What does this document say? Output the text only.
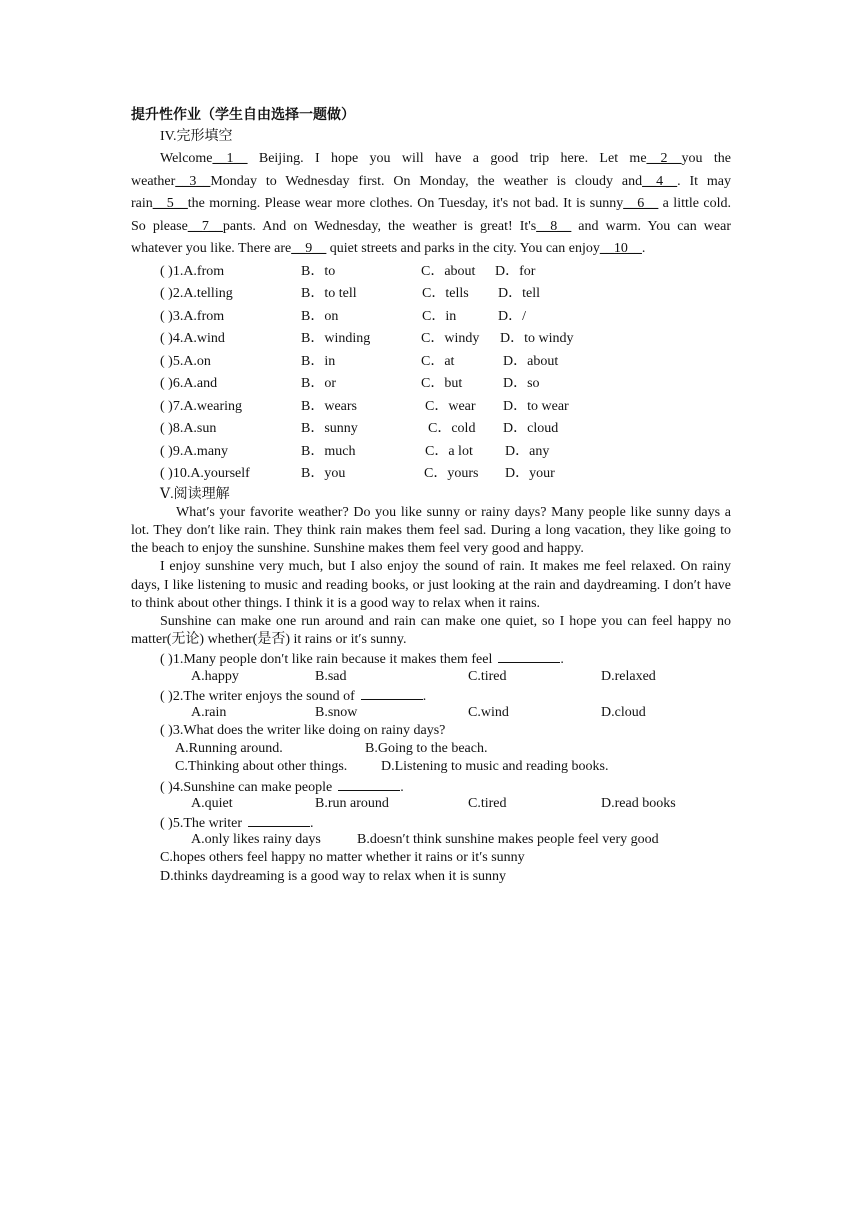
提升性作业（学生自由选择一题做）
IV.完形填空
Welcome__1__ Beijing. I hope you will have a good trip here. Let me__2__you the weather__3__Monday to Wednesday first. On Monday, the weather is cloudy and__4__. It may rain__5__the morning. Please wear more clothes. On Tuesday, it's not bad. It is sunny__6__ a little cold. So please__7__pants. And on Wednesday, the weather is great! It's__8__ and warm. You can wear whatever you like. There are__9__ quiet streets and parks in the city. You can enjoy__10__.
( )1.A.from	B．to	C．about D．for
( )2.A.telling	B．to tell	C．tells D．tell
( )3.A.from	B．on	C．in	D．/
( )4.A.wind	B．winding	C．windy D．to windy
( )5.A.on	B．in	C．at	D．about
( )6.A.and	B．or	C．but	D．so
( )7.A.wearing	B．wears	C．wear D．to wear
( )8.A.sun	B．sunny	C．cold D．cloud
( )9.A.many	B．much	C．a lot D．any
( )10.A.yourself	B．you	C．yours D．your
Ⅴ.阅读理解
What′s your favorite weather? Do you like sunny or rainy days? Many people like sunny days a lot. They don′t like rain. They think rain makes them feel sad. During a long vacation, they like going to the beach to enjoy the sunshine. Sunshine makes them feel very good and happy.
I enjoy sunshine very much, but I also enjoy the sound of rain. It makes me feel relaxed. On rainy days, I like listening to music and reading books, or just looking at the rain and daydreaming. I don′t have to think about other things. I think it is a good way to relax when it rains.
Sunshine can make one run around and rain can make one quiet, so I hope you can feel happy no matter(无论) whether(是否) it rains or it′s sunny.
( )1.Many people don′t like rain because it makes them feel	.
A.happy	B.sad	C.tired	D.relaxed
( )2.The writer enjoys the sound of	.
A.rain	B.snow	C.wind	D.cloud
( )3.What does the writer like doing on rainy days?
A.Running around.	B.Going to the beach.
C.Thinking about other things. D.Listening to music and reading books.
( )4.Sunshine can make people	.
A.quiet	B.run around	C.tired	D.read books
( )5.The writer	.
A.only likes rainy days	B.doesn′t think sunshine makes people feel very good
C.hopes others feel happy no matter whether it rains or it′s sunny
D.thinks daydreaming is a good way to relax when it is sunny
